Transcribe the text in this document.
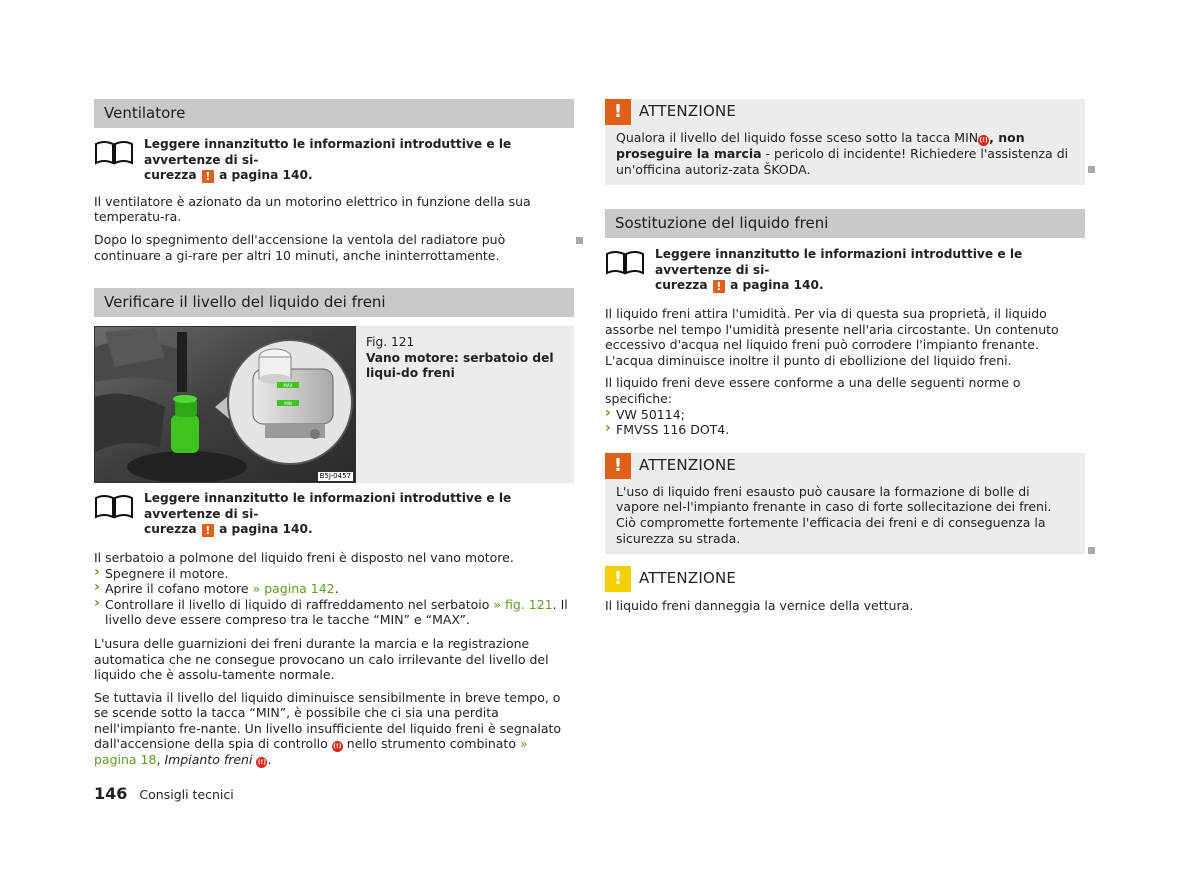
Ventilatore
Leggere innanzitutto le informazioni introduttive e le avvertenze di si-
curezza ! a pagina 140.

Il ventilatore è azionato da un motorino elettrico in funzione della sua temperatu-ra.

Dopo lo spegnimento dell'accensione la ventola del radiatore può continuare a gi-rare per altri 10 minuti, anche ininterrottamente.

Verificare il livello del liquido dei freni
MAX
MIN
B5J-0457
Fig. 121
Vano motore: serbatoio del liqui-do freni
Leggere innanzitutto le informazioni introduttive e le avvertenze di si-
curezza ! a pagina 140.

Il serbatoio a polmone del liquido freni è disposto nel vano motore.

› Spegnere il motore.
› Aprire il cofano motore » pagina 142.
› Controllare il livello di liquido di raffreddamento nel serbatoio » fig. 121. Il livello deve essere compreso tra le tacche “MIN” e “MAX”.

L'usura delle guarnizioni dei freni durante la marcia e la registrazione automatica che ne consegue provocano un calo irrilevante del livello del liquido che è assolu-tamente normale.

Se tuttavia il livello del liquido diminuisce sensibilmente in breve tempo, o se scende sotto la tacca “MIN”, è possibile che ci sia una perdita nell'impianto fre-nante. Un livello insufficiente del liquido freni è segnalato dall'accensione della spia di controllo (!) nello strumento combinato » pagina 18, Impianto freni (!).

!	ATTENZIONE
Qualora il livello del liquido fosse sceso sotto la tacca MIN(!), non proseguire la marcia - pericolo di incidente! Richiedere l'assistenza di un'officina autoriz-zata ŠKODA.
Sostituzione del liquido freni
Leggere innanzitutto le informazioni introduttive e le avvertenze di si-
curezza ! a pagina 140.

Il liquido freni attira l'umidità. Per via di questa sua proprietà, il liquido assorbe nel tempo l'umidità presente nell'aria circostante. Un contenuto eccessivo d'acqua nel liquido freni può corrodere l'impianto frenante. L'acqua diminuisce inoltre il punto di ebollizione del liquido freni.

Il liquido freni deve essere conforme a una delle seguenti norme o specifiche:

› VW 50114;
› FMVSS 116 DOT4.
!	ATTENZIONE
L'uso di liquido freni esausto può causare la formazione di bolle di vapore nel-l'impianto frenante in caso di forte sollecitazione dei freni. Ciò compromette fortemente l'efficacia dei freni e di conseguenza la sicurezza su strada.
!	ATTENZIONE

Il liquido freni danneggia la vernice della vettura.

146 Consigli tecnici
